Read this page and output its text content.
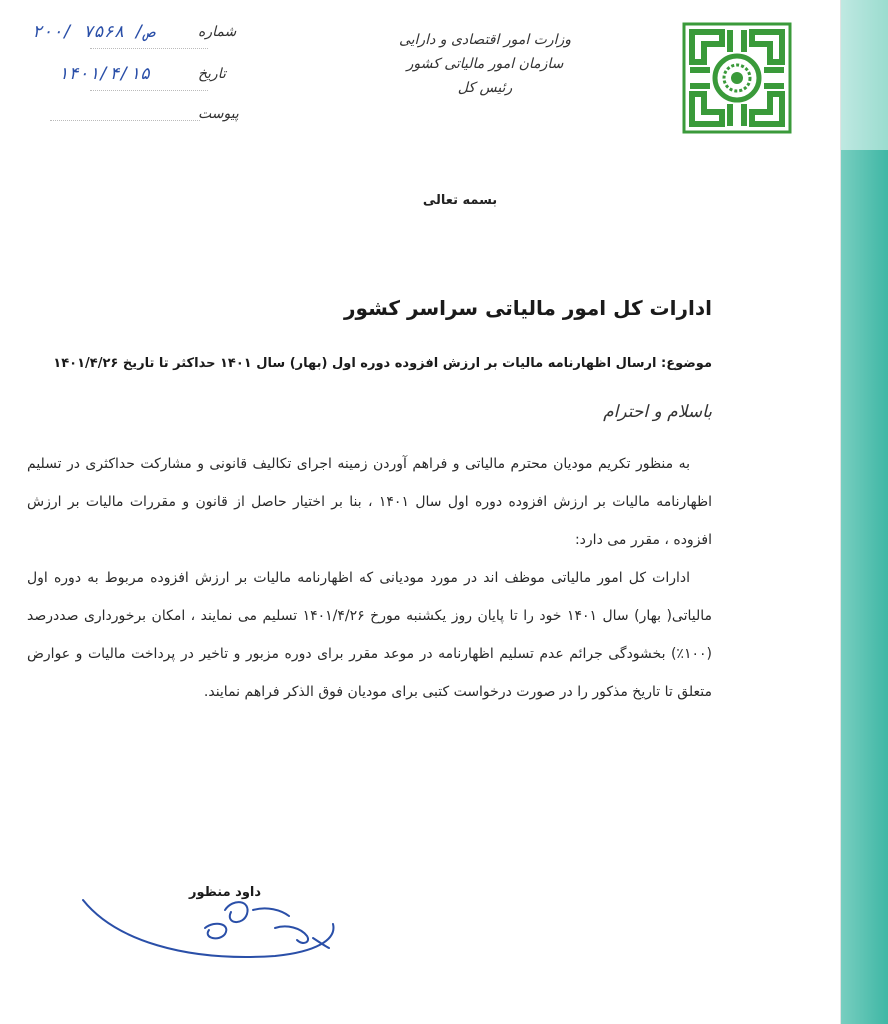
وزارت امور اقتصادی و دارایی
سازمان امور مالیاتی کشور
رئیس کل
شماره
۲۰۰/ ۷۵۶۸ /ص
تاریخ
۱۴۰۱/۴/۱۵
پیوست
بسمه تعالی
ادارات کل امور مالیاتی سراسر کشور
موضوع: ارسال اظهارنامه مالیات بر ارزش افزوده دوره اول (بهار) سال ۱۴۰۱ حداکثر تا تاریخ ۱۴۰۱/۴/۲۶
باسلام و احترام

به منظور تکریم مودیان محترم مالیاتی و فراهم آوردن زمینه اجرای تکالیف قانونی و مشارکت حداکثری در تسلیم اظهارنامه مالیات بر ارزش افزوده دوره اول سال ۱۴۰۱ ، بنا بر اختیار حاصل از قانون و مقررات مالیات بر ارزش افزوده ، مقرر می دارد:

ادارات کل امور مالیاتی موظف اند در مورد مودیانی که اظهارنامه مالیات بر ارزش افزوده مربوط به دوره اول مالیاتی( بهار) سال ۱۴۰۱ خود را تا پایان روز یکشنبه مورخ ۱۴۰۱/۴/۲۶ تسلیم می نمایند ، امکان برخورداری صددرصد (۱۰۰٪) بخشودگی جرائم عدم تسلیم اظهارنامه در موعد مقرر برای دوره مزبور و تاخیر در پرداخت مالیات و عوارض متعلق تا تاریخ مذکور را در صورت درخواست کتبی برای مودیان فوق الذکر فراهم نمایند.

داود منظور
